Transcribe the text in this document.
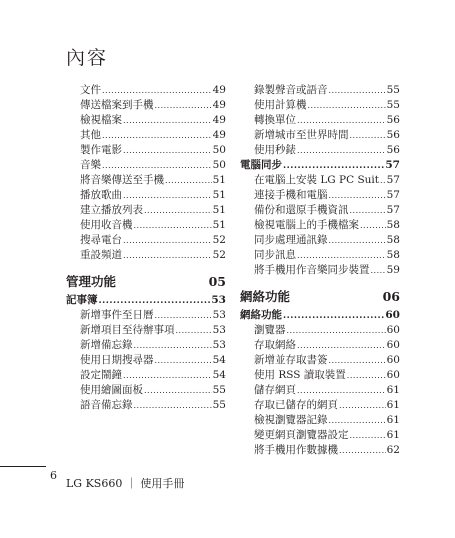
內容
文件 .....	49
傳送檔案到手機 .....	49
檢視檔案 .....	49
其他 .....	49
製作電影 .....	50
音樂 .....	50
將音樂傳送至手機 .....	51
播放歌曲 .....	51
建立播放列表 .....	51
使用收音機 .....	51
搜尋電台 .....	52
重設頻道 .....	52
管理功能	05
記事簿 .....	53
新增事件至日曆 .....	53
新增項目至待辦事項 .....	53
新增備忘錄 .....	53
使用日期搜尋器 .....	54
設定鬧鐘 .....	54
使用繪圖面板 .....	55
語音備忘錄 .....	55
錄製聲音或語音 .....	55
使用計算機 .....	55
轉換單位 .....	56
新增城市至世界時間 .....	56
使用秒錶 .....	56
電腦同步 .....	57
在電腦上安裝 LG PC Suit ..... 57
連接手機和電腦 .....	57
備份和還原手機資訊 .....	57
檢視電腦上的手機檔案 .....	58
同步處理通訊錄 .....	58
同步訊息 .....	58
將手機用作音樂同步裝置 ..... 59
網絡功能	06
網絡功能 .....	60
瀏覽器 .....	60
存取網絡 .....	60
新增並存取書簽 .....	60
使用 RSS 讀取裝置 .....	60
儲存網頁 .....	61
存取已儲存的網頁 .....	61
檢視瀏覽器記錄 .....	61
變更網頁瀏覽器設定 .....	61
將手機用作數據機 .....	62
6
LG KS660 ｜ 使用手冊
